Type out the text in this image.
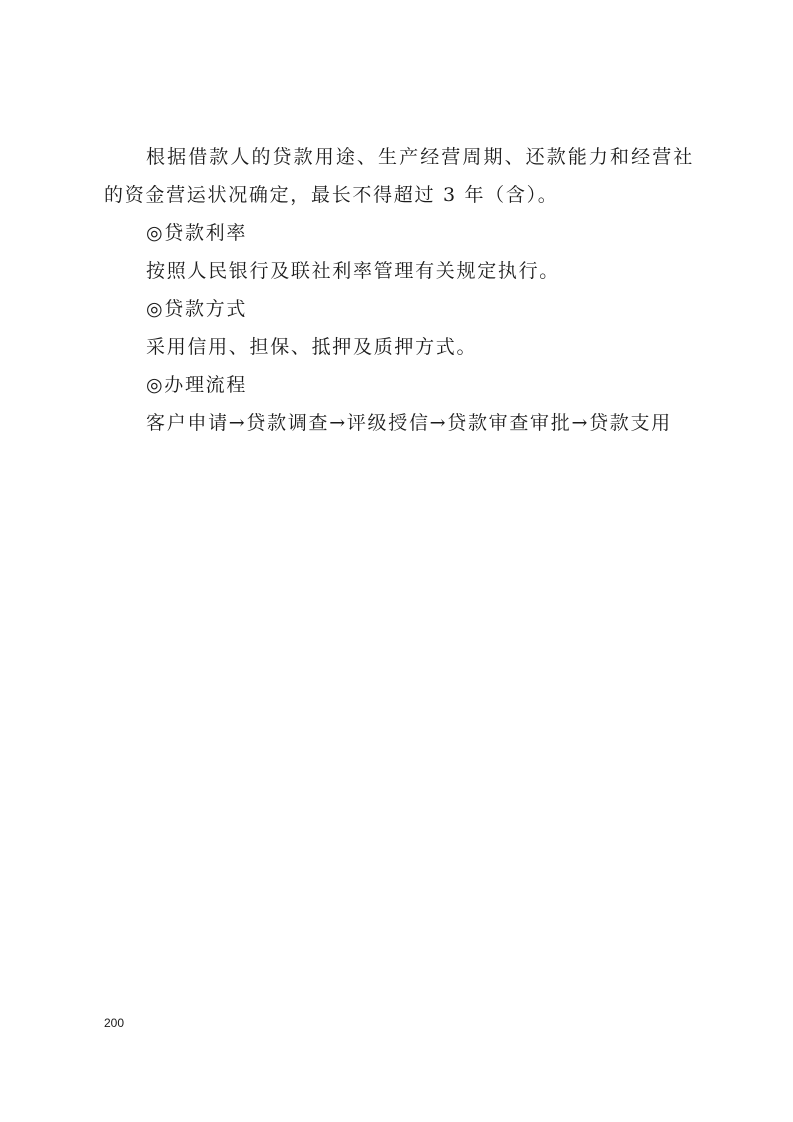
根据借款人的贷款用途、生产经营周期、还款能力和经营社的资金营运状况确定，最长不得超过 3 年（含）。

◎贷款利率

按照人民银行及联社利率管理有关规定执行。

◎贷款方式

采用信用、担保、抵押及质押方式。

◎办理流程

客户申请→贷款调查→评级授信→贷款审查审批→贷款支用

200
